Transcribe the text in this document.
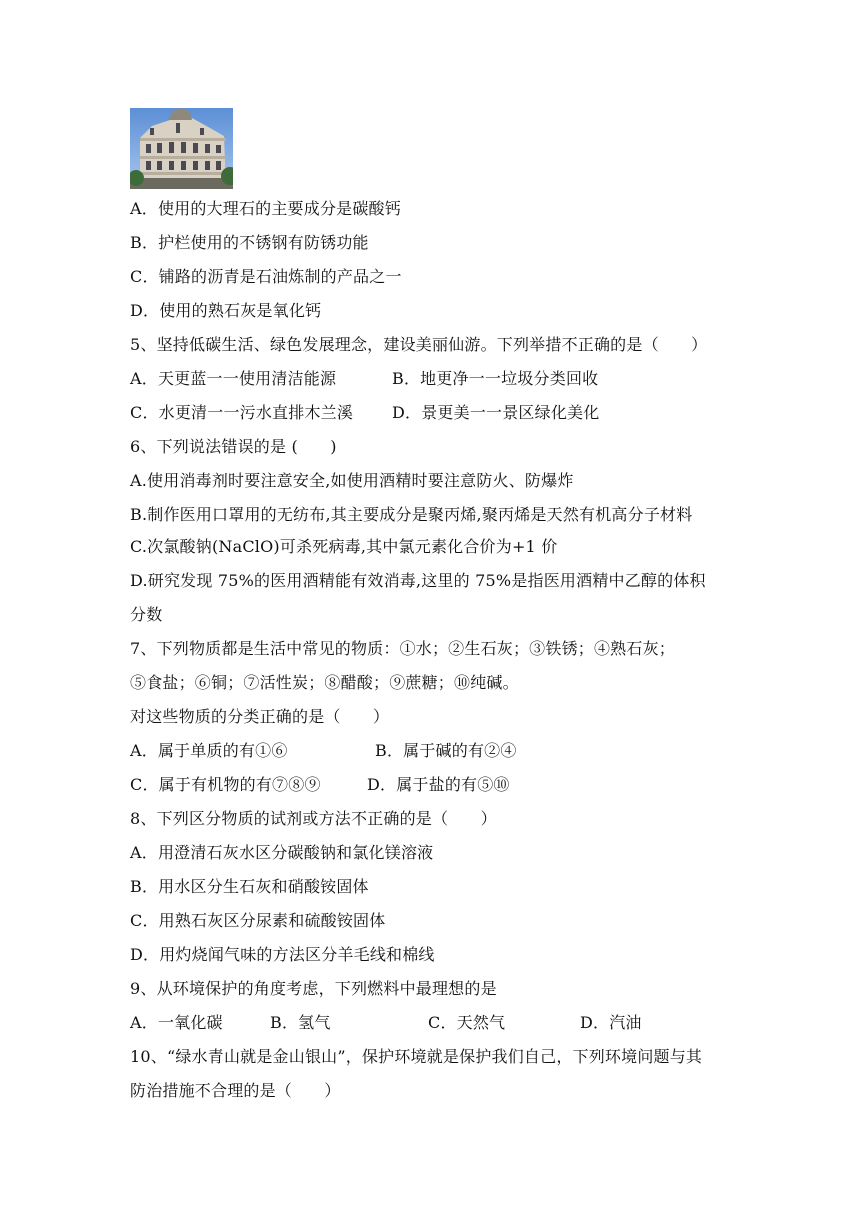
A．使用的大理石的主要成分是碳酸钙
B．护栏使用的不锈钢有防锈功能
C．铺路的沥青是石油炼制的产品之一
D．使用的熟石灰是氧化钙
5、坚持低碳生活、绿色发展理念，建设美丽仙游。下列举措不正确的是（　　）
A．天更蓝一一使用清洁能源	B．地更净一一垃圾分类回收
C．水更清一一污水直排木兰溪 D．景更美一一景区绿化美化
6、下列说法错误的是 (　　)
A.使用消毒剂时要注意安全,如使用酒精时要注意防火、防爆炸
B.制作医用口罩用的无纺布,其主要成分是聚丙烯,聚丙烯是天然有机高分子材料
C.次氯酸钠(NaClO)可杀死病毒,其中氯元素化合价为+1 价
D.研究发现 75%的医用酒精能有效消毒,这里的 75%是指医用酒精中乙醇的体积
分数
7、下列物质都是生活中常见的物质：①水；②生石灰；③铁锈；④熟石灰；
⑤食盐；⑥铜；⑦活性炭；⑧醋酸；⑨蔗糖；⑩纯碱。
对这些物质的分类正确的是（　　）
A．属于单质的有①⑥	B．属于碱的有②④
C．属于有机物的有⑦⑧⑨	D．属于盐的有⑤⑩
8、下列区分物质的试剂或方法不正确的是（　　）
A．用澄清石灰水区分碳酸钠和氯化镁溶液
B．用水区分生石灰和硝酸铵固体
C．用熟石灰区分尿素和硫酸铵固体
D．用灼烧闻气味的方法区分羊毛线和棉线
9、从环境保护的角度考虑，下列燃料中最理想的是
A．一氧化碳	B．氢气	C．天然气	D．汽油
10、“绿水青山就是金山银山”，保护环境就是保护我们自己，下列环境问题与其
防治措施不合理的是（　　）
